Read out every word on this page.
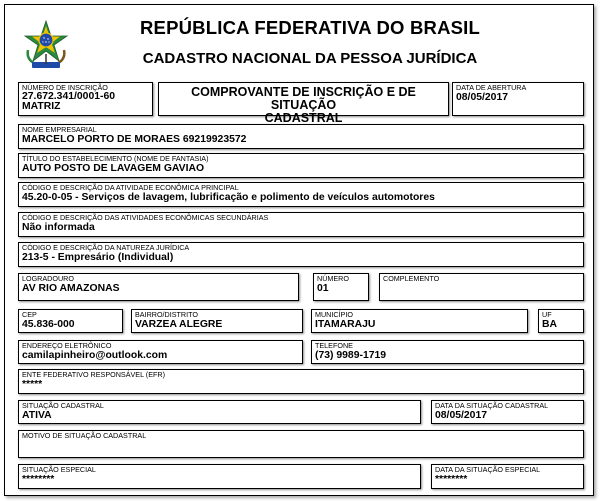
REPÚBLICA FEDERATIVA DO BRASIL
CADASTRO NACIONAL DA PESSOA JURÍDICA
NÚMERO DE INSCRIÇÃO
27.672.341/0001-60
MATRIZ
COMPROVANTE DE INSCRIÇÃO E DE SITUAÇÃO
CADASTRAL
DATA DE ABERTURA
08/05/2017
NOME EMPRESARIAL
MARCELO PORTO DE MORAES 69219923572
TÍTULO DO ESTABELECIMENTO (NOME DE FANTASIA)
AUTO POSTO DE LAVAGEM GAVIAO
CÓDIGO E DESCRIÇÃO DA ATIVIDADE ECONÔMICA PRINCIPAL
45.20-0-05 - Serviços de lavagem, lubrificação e polimento de veículos automotores
CÓDIGO E DESCRIÇÃO DAS ATIVIDADES ECONÔMICAS SECUNDÁRIAS
Não informada
CÓDIGO E DESCRIÇÃO DA NATUREZA JURÍDICA
213-5 - Empresário (Individual)
LOGRADOURO
AV RIO AMAZONAS
NÚMERO
01
COMPLEMENTO
CEP
45.836-000
BAIRRO/DISTRITO
VARZEA ALEGRE
MUNICÍPIO
ITAMARAJU
UF
BA
ENDEREÇO ELETRÔNICO
camilapinheiro@outlook.com
TELEFONE
(73) 9989-1719
ENTE FEDERATIVO RESPONSÁVEL (EFR)
*****
SITUAÇÃO CADASTRAL
ATIVA
DATA DA SITUAÇÃO CADASTRAL
08/05/2017
MOTIVO DE SITUAÇÃO CADASTRAL
SITUAÇÃO ESPECIAL
********
DATA DA SITUAÇÃO ESPECIAL
********
